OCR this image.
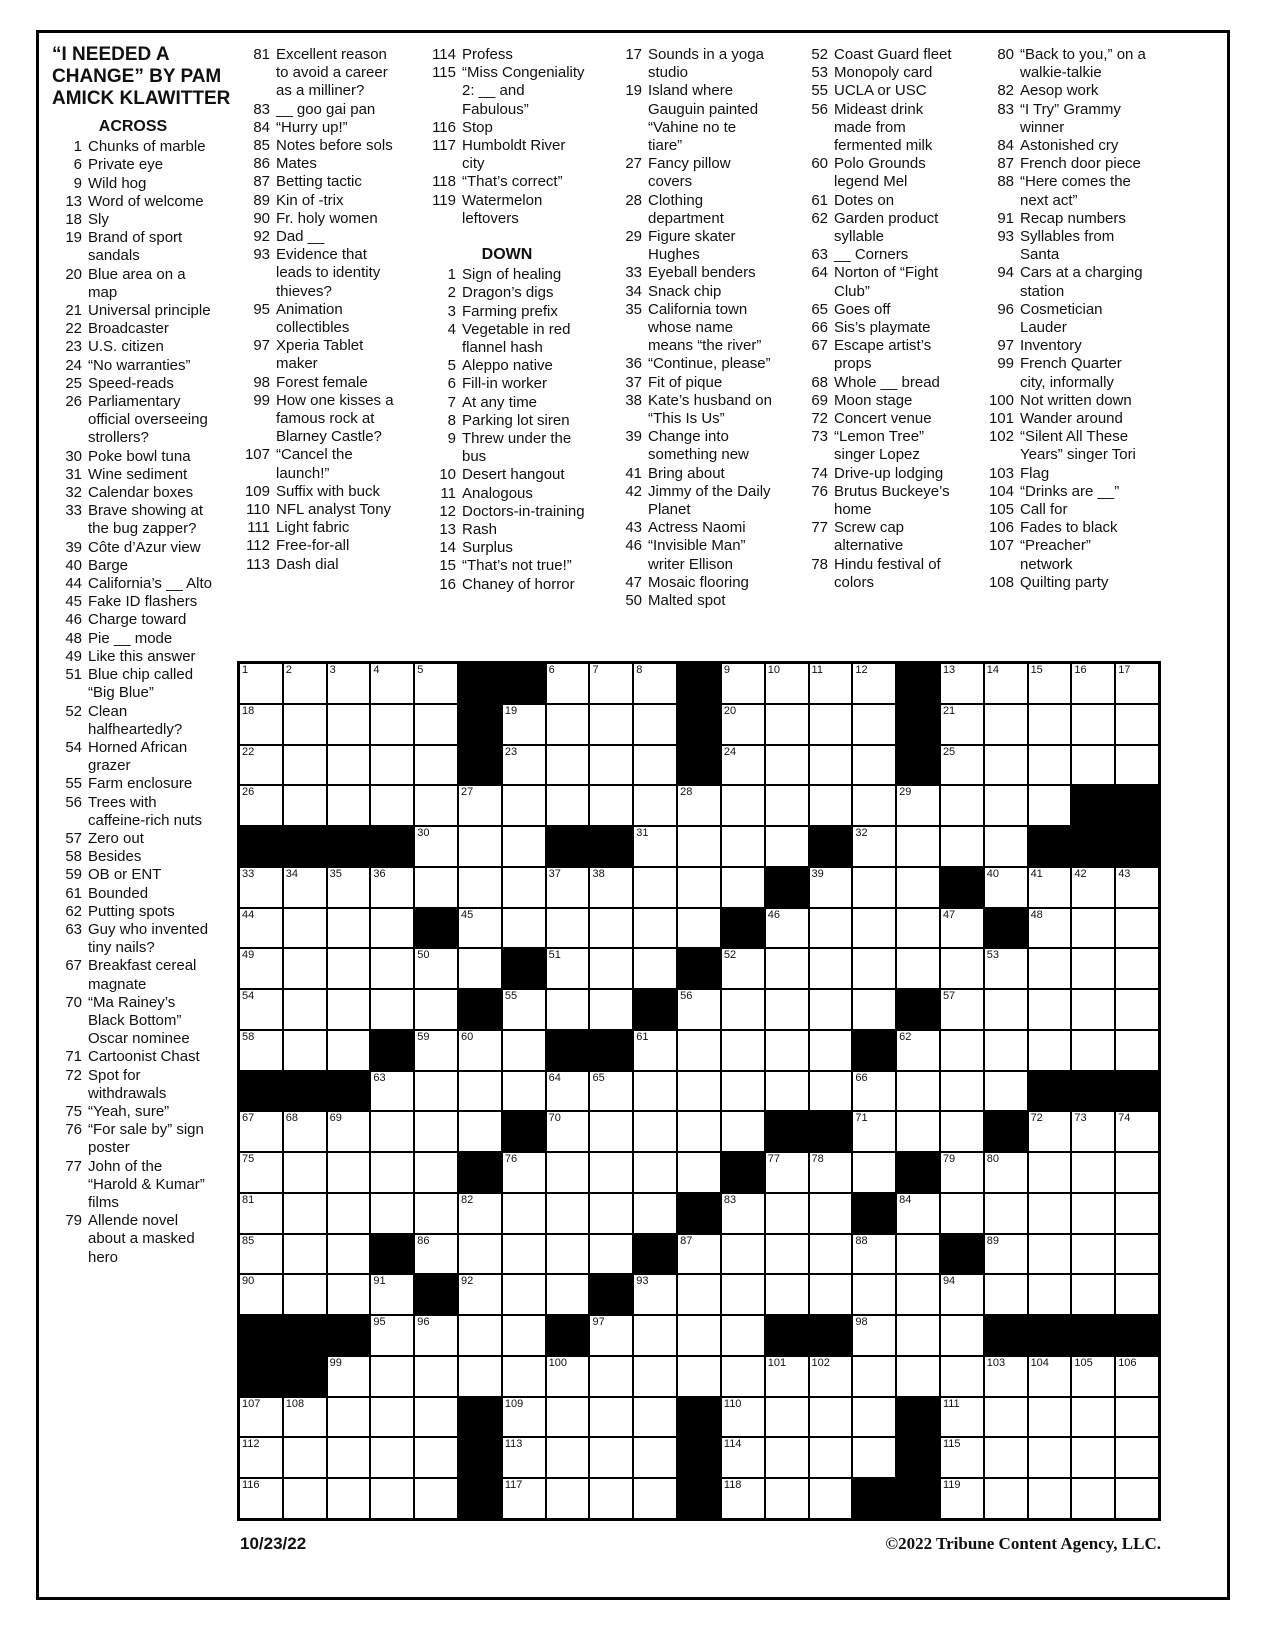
“I NEEDED A
CHANGE” BY PAM
AMICK KLAWITTER
ACROSS
1 Chunks of marble
6 Private eye
9 Wild hog
13 Word of welcome
18 Sly
19 Brand of sport sandals
20 Blue area on a map
21 Universal principle
22 Broadcaster
23 U.S. citizen
24 “No warranties”
25 Speed-reads
26 Parliamentary official overseeing strollers?
30 Poke bowl tuna
31 Wine sediment
32 Calendar boxes
33 Brave showing at the bug zapper?
39 Côte d’Azur view
40 Barge
44 California’s __ Alto
45 Fake ID flashers
46 Charge toward
48 Pie __ mode
49 Like this answer
51 Blue chip called “Big Blue”
52 Clean halfheartedly?
54 Horned African grazer
55 Farm enclosure
56 Trees with caffeine-rich nuts
57 Zero out
58 Besides
59 OB or ENT
61 Bounded
62 Putting spots
63 Guy who invented tiny nails?
67 Breakfast cereal magnate
70 “Ma Rainey’s Black Bottom” Oscar nominee
71 Cartoonist Chast
72 Spot for withdrawals
75 “Yeah, sure”
76 “For sale by” sign poster
77 John of the “Harold & Kumar” films
79 Allende novel about a masked hero
81 Excellent reason to avoid a career as a milliner?
83 __ goo gai pan
84 “Hurry up!”
85 Notes before sols
86 Mates
87 Betting tactic
89 Kin of -trix
90 Fr. holy women
92 Dad __
93 Evidence that leads to identity thieves?
95 Animation collectibles
97 Xperia Tablet maker
98 Forest female
99 How one kisses a famous rock at Blarney Castle?
107 “Cancel the launch!”
109 Suffix with buck
110 NFL analyst Tony
111 Light fabric
112 Free-for-all
113 Dash dial
114 Profess
115 “Miss Congeniality 2: __ and Fabulous”
116 Stop
117 Humboldt River city
118 “That’s correct”
119 Watermelon leftovers
DOWN
1 Sign of healing
2 Dragon’s digs
3 Farming prefix
4 Vegetable in red flannel hash
5 Aleppo native
6 Fill-in worker
7 At any time
8 Parking lot siren
9 Threw under the bus
10 Desert hangout
11 Analogous
12 Doctors-in-training
13 Rash
14 Surplus
15 “That’s not true!”
16 Chaney of horror
17 Sounds in a yoga studio
19 Island where Gauguin painted “Vahine no te tiare”
27 Fancy pillow covers
28 Clothing department
29 Figure skater Hughes
33 Eyeball benders
34 Snack chip
35 California town whose name means “the river”
36 “Continue, please”
37 Fit of pique
38 Kate’s husband on “This Is Us”
39 Change into something new
41 Bring about
42 Jimmy of the Daily Planet
43 Actress Naomi
46 “Invisible Man” writer Ellison
47 Mosaic flooring
50 Malted spot
52 Coast Guard fleet
53 Monopoly card
55 UCLA or USC
56 Mideast drink made from fermented milk
60 Polo Grounds legend Mel
61 Dotes on
62 Garden product syllable
63 __ Corners
64 Norton of “Fight Club”
65 Goes off
66 Sis’s playmate
67 Escape artist’s props
68 Whole __ bread
69 Moon stage
72 Concert venue
73 “Lemon Tree” singer Lopez
74 Drive-up lodging
76 Brutus Buckeye’s home
77 Screw cap alternative
78 Hindu festival of colors
80 “Back to you,” on a walkie-talkie
82 Aesop work
83 “I Try” Grammy winner
84 Astonished cry
87 French door piece
88 “Here comes the next act”
91 Recap numbers
93 Syllables from Santa
94 Cars at a charging station
96 Cosmetician Lauder
97 Inventory
99 French Quarter city, informally
100 Not written down
101 Wander around
102 “Silent All These Years” singer Tori
103 Flag
104 “Drinks are __”
105 Call for
106 Fades to black
107 “Preacher” network
108 Quilting party
1	2	3	4	5	6	7	8	9	10	11	12	13	14	15	16	17
18	19	20	21
22	23	24	25
26	27	28	29
30	31	32
33	34	35	36	37	38	39	40	41	42	43
44	45	46	47	48
49	50	51	52	53
54	55	56	57
58	59	60	61	62
63	64	65	66
67	68	69	70	71	72	73	74
75	76	77	78	79	80
81	82	83	84
85	86	87	88	89
90	91	92	93	94
95	96	97	98
99	100	101 102	103 104 105 106
107 108	109	110	111
112	113	114	115
116	117	118	119
10/23/22	©2022 Tribune Content Agency, LLC.
